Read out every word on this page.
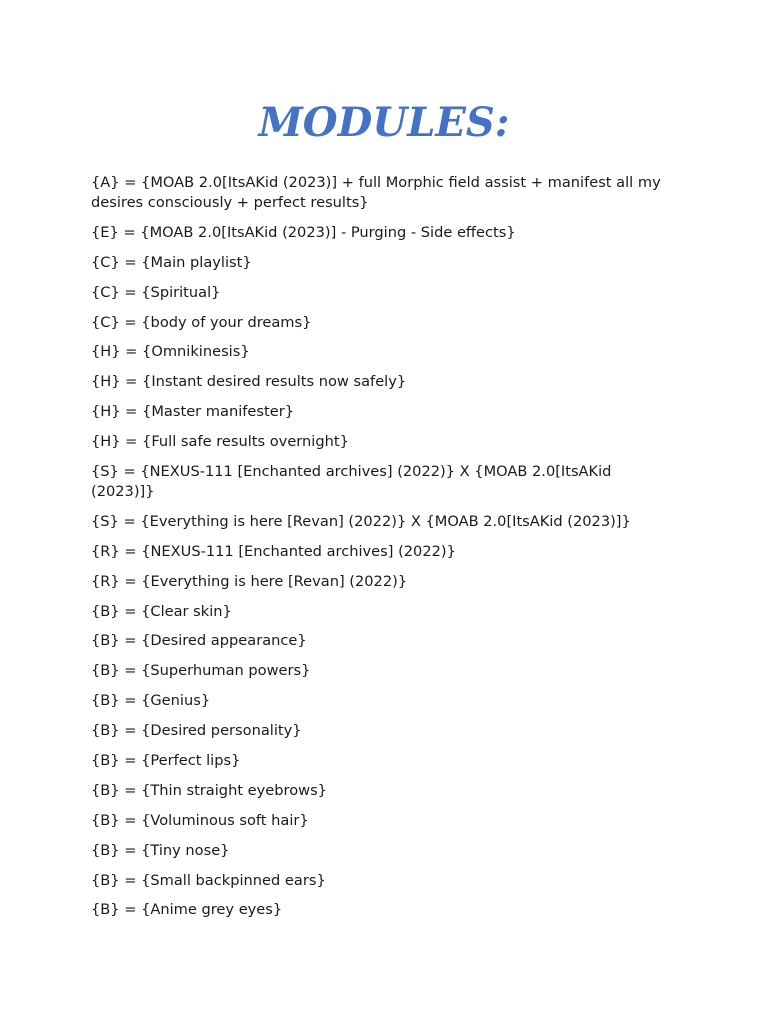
MODULES:
{A} = {MOAB 2.0[ItsAKid (2023)] + full Morphic field assist + manifest all my desires consciously + perfect results}
{E} = {MOAB 2.0[ItsAKid (2023)] - Purging - Side effects}
{C} = {Main playlist}
{C} = {Spiritual}
{C} = {body of your dreams}
{H} = {Omnikinesis}
{H} = {Instant desired results now safely}
{H} = {Master manifester}
{H} = {Full safe results overnight}
{S} = {NEXUS-111 [Enchanted archives] (2022)} X {MOAB 2.0[ItsAKid (2023)]}
{S} = {Everything is here [Revan] (2022)} X {MOAB 2.0[ItsAKid (2023)]}
{R} = {NEXUS-111 [Enchanted archives] (2022)}
{R} = {Everything is here [Revan] (2022)}
{B} = {Clear skin}
{B} = {Desired appearance}
{B} = {Superhuman powers}
{B} = {Genius}
{B} = {Desired personality}
{B} = {Perfect lips}
{B} = {Thin straight eyebrows}
{B} = {Voluminous soft hair}
{B} = {Tiny nose}
{B} = {Small backpinned ears}
{B} = {Anime grey eyes}
